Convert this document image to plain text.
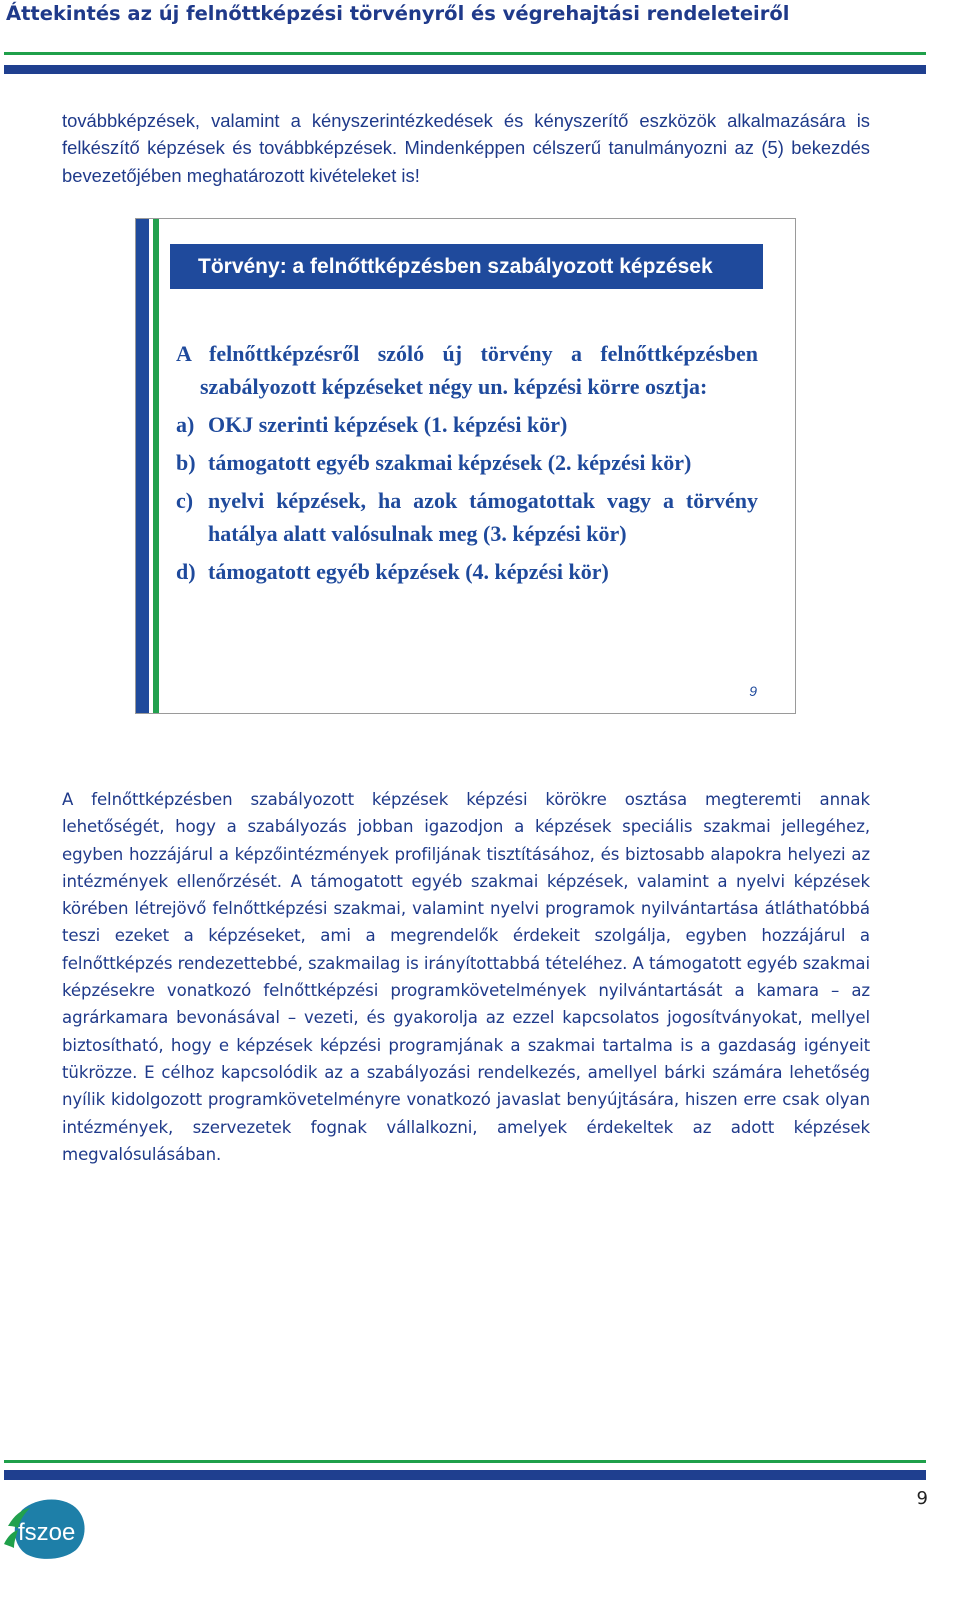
Áttekintés az új felnőttképzési törvényről és végrehajtási rendeleteiről
továbbképzések, valamint a kényszerintézkedések és kényszerítő eszközök alkalmazására is felkészítő képzések és továbbképzések. Mindenképpen célszerű tanulmányozni az (5) bekezdés bevezetőjében meghatározott kivételeket is!
Törvény: a felnőttképzésben szabályozott képzések
A felnőttképzésről szóló új törvény a felnőttképzésben szabályozott képzéseket négy un. képzési körre osztja:
a) OKJ szerinti képzések (1. képzési kör)
b) támogatott egyéb szakmai képzések (2. képzési kör)
c) nyelvi képzések, ha azok támogatottak vagy a törvény hatálya alatt valósulnak meg (3. képzési kör)
d) támogatott egyéb képzések (4. képzési kör)
9
A felnőttképzésben szabályozott képzések képzési körökre osztása megteremti annak lehetőségét, hogy a szabályozás jobban igazodjon a képzések speciális szakmai jellegéhez, egyben hozzájárul a képzőintézmények profiljának tisztításához, és biztosabb alapokra helyezi az intézmények ellenőrzését. A támogatott egyéb szakmai képzések, valamint a nyelvi képzések körében létrejövő felnőttképzési szakmai, valamint nyelvi programok nyilvántartása átláthatóbbá teszi ezeket a képzéseket, ami a megrendelők érdekeit szolgálja, egyben hozzájárul a felnőttképzés rendezettebbé, szakmailag is irányítottabbá tételéhez. A támogatott egyéb szakmai képzésekre vonatkozó felnőttképzési programkövetelmények nyilvántartását a kamara – az agrárkamara bevonásával – vezeti, és gyakorolja az ezzel kapcsolatos jogosítványokat, mellyel biztosítható, hogy e képzések képzési programjának a szakmai tartalma is a gazdaság igényeit tükrözze. E célhoz kapcsolódik az a szabályozási rendelkezés, amellyel bárki számára lehetőség nyílik kidolgozott programkövetelményre vonatkozó javaslat benyújtására, hiszen erre csak olyan intézmények, szervezetek fognak vállalkozni, amelyek érdekeltek az adott képzések megvalósulásában.
fszoe
9
